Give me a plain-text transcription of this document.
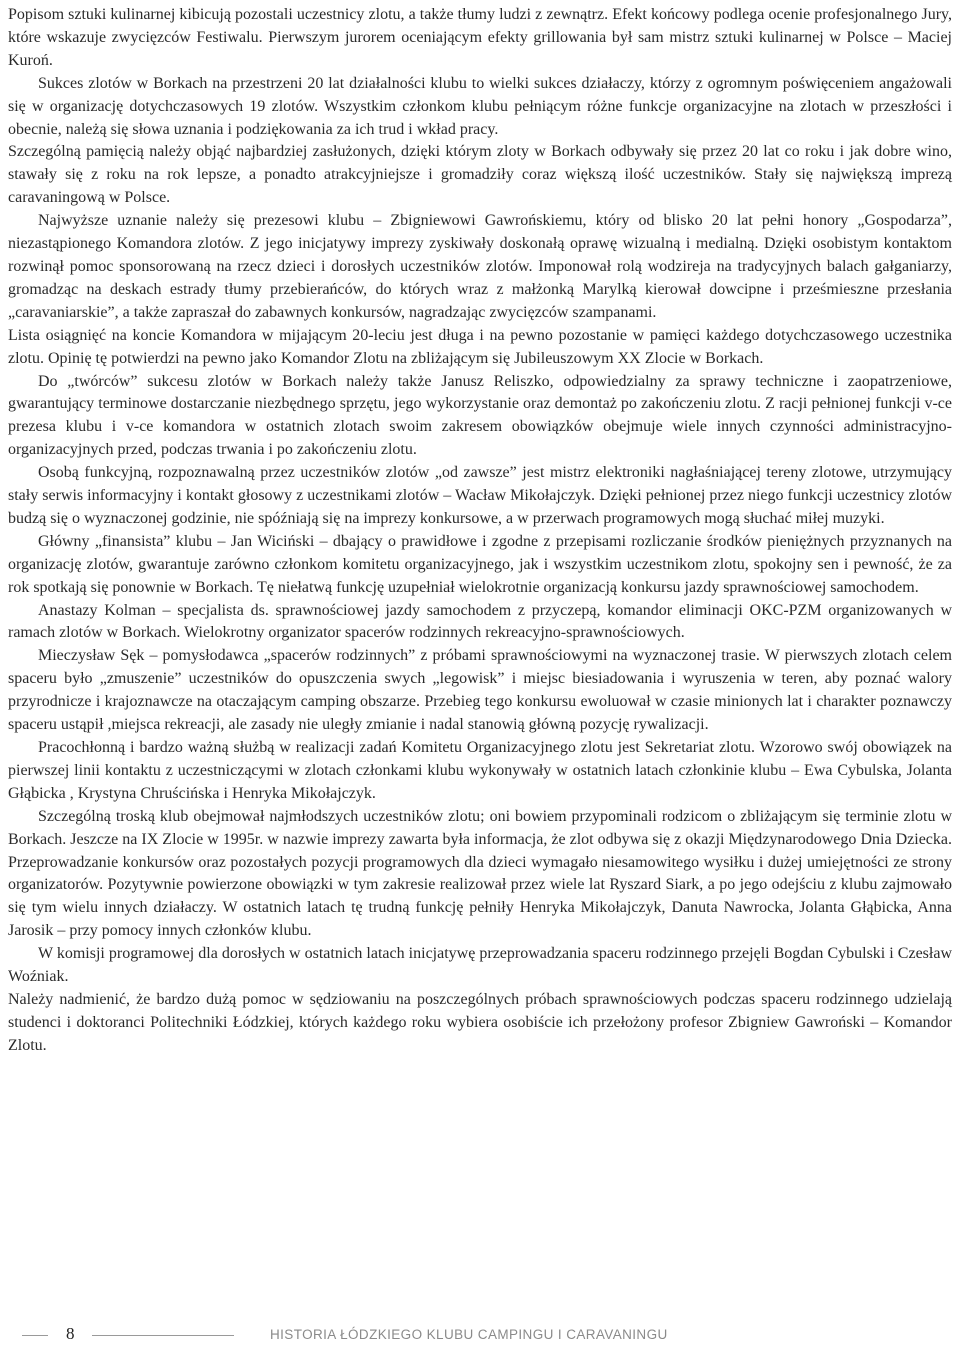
Popisom sztuki kulinarnej kibicują pozostali uczestnicy zlotu, a także tłumy ludzi z zewnątrz. Efekt końcowy podlega ocenie profesjonalnego Jury, które wskazuje zwycięzców Festiwalu. Pierwszym jurorem oceniającym efekty grillowania był sam mistrz sztuki kulinarnej w Polsce – Maciej Kuroń.

Sukces zlotów w Borkach na przestrzeni 20 lat działalności klubu to wielki sukces działaczy, którzy z ogromnym poświęceniem angażowali się w organizację dotychczasowych 19 zlotów. Wszystkim członkom klubu pełniącym różne funkcje organizacyjne na zlotach w przeszłości i obecnie, należą się słowa uznania i podziękowania za ich trud i wkład pracy.

Szczególną pamięcią należy objąć najbardziej zasłużonych, dzięki którym zloty w Borkach odbywały się przez 20 lat co roku i jak dobre wino, stawały się z roku na rok lepsze, a ponadto atrakcyjniejsze i gromadziły coraz większą ilość uczestników. Stały się największą imprezą caravaningową w Polsce.

Najwyższe uznanie należy się prezesowi klubu – Zbigniewowi Gawrońskiemu, który od blisko 20 lat pełni honory „Gospodarza”, niezastąpionego Komandora zlotów. Z jego inicjatywy imprezy zyskiwały doskonałą oprawę wizualną i medialną. Dzięki osobistym kontaktom rozwinął pomoc sponsorowaną na rzecz dzieci i dorosłych uczestników zlotów. Imponował rolą wodzireja na tradycyjnych balach gałganiarzy, gromadząc na deskach estrady tłumy przebierańców, do których wraz z małżonką Marylką kierował dowcipne i prześmieszne przesłania „caravaniarskie”, a także zapraszał do zabawnych konkursów, nagradzając zwycięzców szampanami.

Lista osiągnięć na koncie Komandora w mijającym 20-leciu jest długa i na pewno pozostanie w pamięci każdego dotychczasowego uczestnika zlotu. Opinię tę potwierdzi na pewno jako Komandor Zlotu na zbliżającym się Jubileuszowym XX Zlocie w Borkach.

Do „twórców” sukcesu zlotów w Borkach należy także Janusz Reliszko, odpowiedzialny za sprawy techniczne i zaopatrzeniowe, gwarantujący terminowe dostarczanie niezbędnego sprzętu, jego wykorzystanie oraz demontaż po zakończeniu zlotu. Z racji pełnionej funkcji v-ce prezesa klubu i v-ce komandora w ostatnich zlotach swoim zakresem obowiązków obejmuje wiele innych czynności administracyjno-organizacyjnych przed, podczas trwania i po zakończeniu zlotu.

Osobą funkcyjną, rozpoznawalną przez uczestników zlotów „od zawsze” jest mistrz elektroniki nagłaśniającej tereny zlotowe, utrzymujący stały serwis informacyjny i kontakt głosowy z uczestnikami zlotów – Wacław Mikołajczyk. Dzięki pełnionej przez niego funkcji uczestnicy zlotów budzą się o wyznaczonej godzinie, nie spóźniają się na imprezy konkursowe, a w przerwach programowych mogą słuchać miłej muzyki.

Główny „finansista” klubu – Jan Wiciński – dbający o prawidłowe i zgodne z przepisami rozliczanie środków pieniężnych przyznanych na organizację zlotów, gwarantuje zarówno członkom komitetu organizacyjnego, jak i wszystkim uczestnikom zlotu, spokojny sen i pewność, że za rok spotkają się ponownie w Borkach. Tę niełatwą funkcję uzupełniał wielokrotnie organizacją konkursu jazdy sprawnościowej samochodem.

Anastazy Kolman – specjalista ds. sprawnościowej jazdy samochodem z przyczepą, komandor eliminacji OKC-PZM organizowanych w ramach zlotów w Borkach. Wielokrotny organizator spacerów rodzinnych rekreacyjno-sprawnościowych.

Mieczysław Sęk – pomysłodawca „spacerów rodzinnych” z próbami sprawnościowymi na wyznaczonej trasie. W pierwszych zlotach celem spaceru było „zmuszenie” uczestników do opuszczenia swych „legowisk” i miejsc biesiadowania i wyruszenia w teren, aby poznać walory przyrodnicze i krajoznawcze na otaczającym camping obszarze. Przebieg tego konkursu ewoluował w czasie minionych lat i charakter poznawczy spaceru ustąpił ,miejsca rekreacji, ale zasady nie uległy zmianie i nadal stanowią główną pozycję rywalizacji.

Pracochłonną i bardzo ważną służbą w realizacji zadań Komitetu Organizacyjnego zlotu jest Sekretariat zlotu. Wzorowo swój obowiązek na pierwszej linii kontaktu z uczestniczącymi w zlotach członkami klubu wykonywały w ostatnich latach członkinie klubu – Ewa Cybulska, Jolanta Głąbicka , Krystyna Chruścińska i Henryka Mikołajczyk.

Szczególną troską klub obejmował najmłodszych uczestników zlotu; oni bowiem przypominali rodzicom o zbliżającym się terminie zlotu w Borkach. Jeszcze na IX Zlocie w 1995r. w nazwie imprezy zawarta była informacja, że zlot odbywa się z okazji Międzynarodowego Dnia Dziecka. Przeprowadzanie konkursów oraz pozostałych pozycji programowych dla dzieci wymagało niesamowitego wysiłku i dużej umiejętności ze strony organizatorów. Pozytywnie powierzone obowiązki w tym zakresie realizował przez wiele lat Ryszard Siark, a po jego odejściu z klubu zajmowało się tym wielu innych działaczy. W ostatnich latach tę trudną funkcję pełniły Henryka Mikołajczyk, Danuta Nawrocka, Jolanta Głąbicka, Anna Jarosik – przy pomocy innych członków klubu.

W komisji programowej dla dorosłych w ostatnich latach inicjatywę przeprowadzania spaceru rodzinnego przejęli Bogdan Cybulski i Czesław Woźniak.

Należy nadmienić, że bardzo dużą pomoc w sędziowaniu na poszczególnych próbach sprawnościowych podczas spaceru rodzinnego udzielają studenci i doktoranci Politechniki Łódzkiej, których każdego roku wybiera osobiście ich przełożony profesor Zbigniew Gawroński – Komandor Zlotu.

8	HISTORIA ŁÓDZKIEGO KLUBU CAMPINGU I CARAVANINGU
